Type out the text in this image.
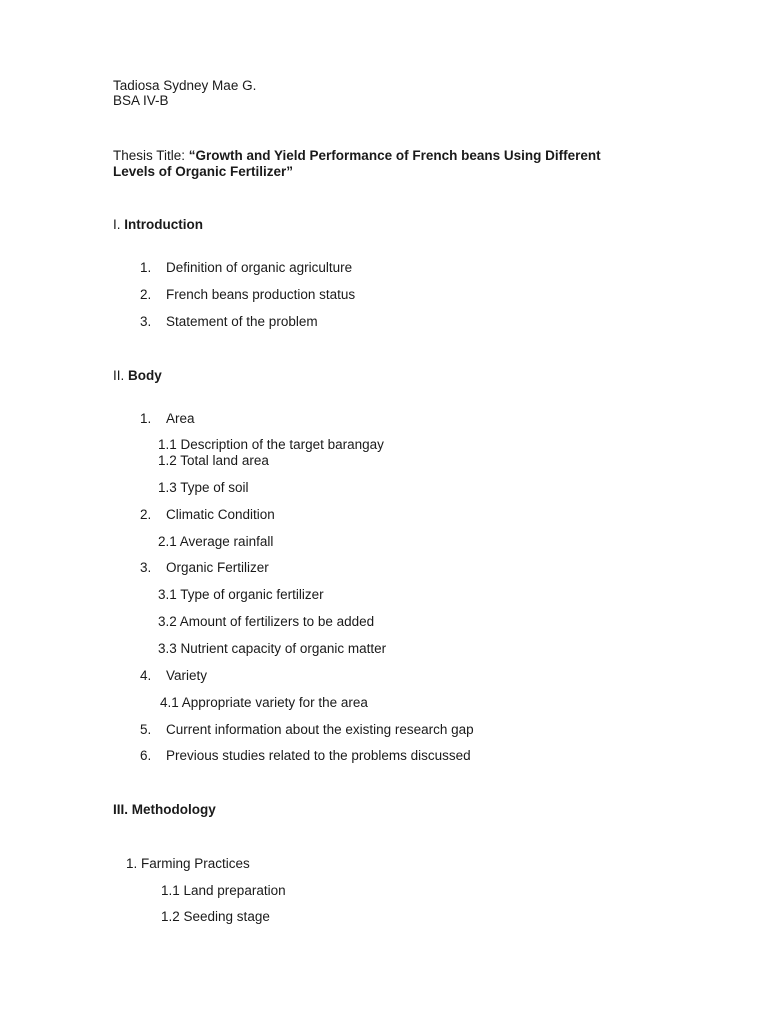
Tadiosa Sydney Mae G.
BSA IV-B
Thesis Title: “Growth and Yield Performance of French beans Using Different
Levels of Organic Fertilizer”
I. Introduction
1. Definition of organic agriculture
2. French beans production status
3. Statement of the problem
II. Body
1. Area
1.1 Description of the target barangay
1.2 Total land area
1.3 Type of soil
2. Climatic Condition
2.1 Average rainfall
3. Organic Fertilizer
3.1 Type of organic fertilizer
3.2 Amount of fertilizers to be added
3.3 Nutrient capacity of organic matter
4. Variety
4.1 Appropriate variety for the area
5. Current information about the existing research gap
6. Previous studies related to the problems discussed
III. Methodology
1. Farming Practices
1.1 Land preparation
1.2 Seeding stage
